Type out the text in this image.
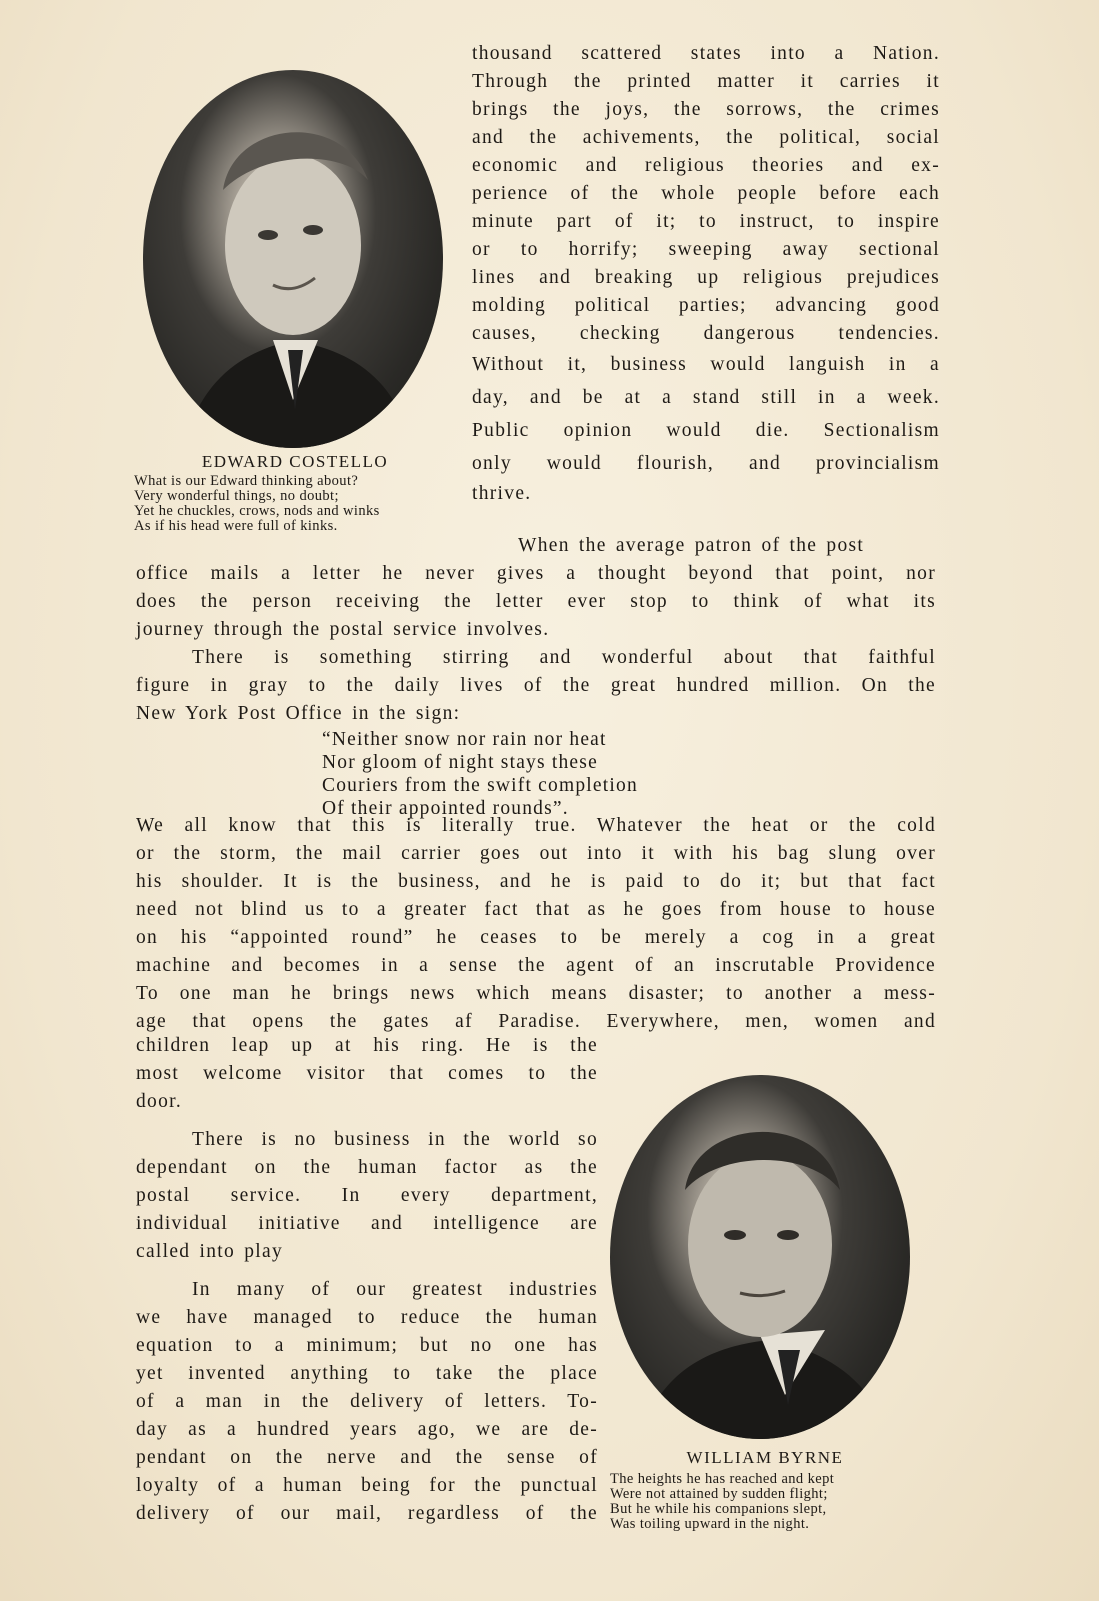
EDWARD COSTELLO
What is our Edward thinking about?
Very wonderful things, no doubt;
Yet he chuckles, crows, nods and winks
As if his head were full of kinks.
thousand scattered states into a Nation.
Through the printed matter it carries it
brings the joys, the sorrows, the crimes
and the achivements, the political, social
economic and religious theories and ex-
perience of the whole people before each
minute part of it; to instruct, to inspire
or to horrify; sweeping away sectional
lines and breaking up religious prejudices
molding political parties; advancing good
causes, checking dangerous tendencies.
Without it, business would languish in a
day, and be at a stand still in a week.
Public opinion would die. Sectionalism
only would flourish, and provincialism
thrive.
When the average patron of the post
office mails a letter he never gives a thought beyond that point, nor
does the person receiving the letter ever stop to think of what its
journey through the postal service involves.
There is something stirring and wonderful about that faithful
figure in gray to the daily lives of the great hundred million. On the
New York Post Office in the sign:
“Neither snow nor rain nor heat
Nor gloom of night stays these
Couriers from the swift completion
Of their appointed rounds”.
We all know that this is literally true. Whatever the heat or the cold
or the storm, the mail carrier goes out into it with his bag slung over
his shoulder. It is the business, and he is paid to do it; but that fact
need not blind us to a greater fact that as he goes from house to house
on his “appointed round” he ceases to be merely a cog in a great
machine and becomes in a sense the agent of an inscrutable Providence
To one man he brings news which means disaster; to another a mess-
age that opens the gates af Paradise. Everywhere, men, women and
children leap up at his ring. He is the
most welcome visitor that comes to the
door.
There is no business in the world so
dependant on the human factor as the
postal service. In every department,
individual initiative and intelligence are
called into play
In many of our greatest industries
we have managed to reduce the human
equation to a minimum; but no one has
yet invented anything to take the place
of a man in the delivery of letters. To-
day as a hundred years ago, we are de-
pendant on the nerve and the sense of
loyalty of a human being for the punctual
delivery of our mail, regardless of the
WILLIAM BYRNE
The heights he has reached and kept
Were not attained by sudden flight;
But he while his companions slept,
Was toiling upward in the night.
